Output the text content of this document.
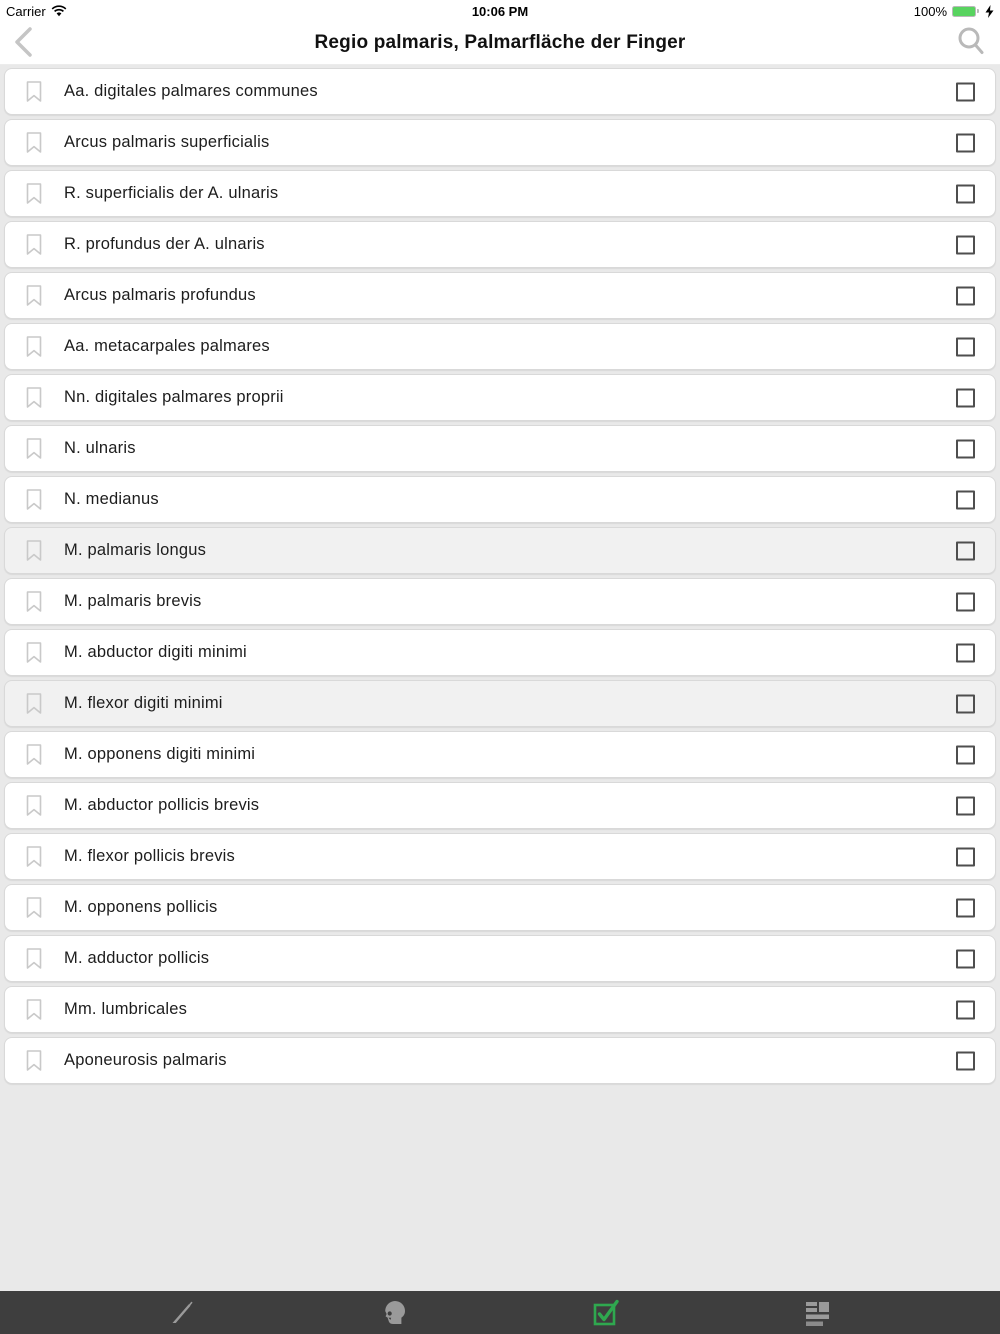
Carrier	10:06 PM	100%
Regio palmaris, Palmarfläche der Finger
Aa. digitales palmares communes
Arcus palmaris superficialis
R. superficialis der A. ulnaris
R. profundus der A. ulnaris
Arcus palmaris profundus
Aa. metacarpales palmares
Nn. digitales palmares proprii
N. ulnaris
N. medianus
M. palmaris longus
M. palmaris brevis
M. abductor digiti minimi
M. flexor digiti minimi
M. opponens digiti minimi
M. abductor pollicis brevis
M. flexor pollicis brevis
M. opponens pollicis
M. adductor pollicis
Mm. lumbricales
Aponeurosis palmaris
